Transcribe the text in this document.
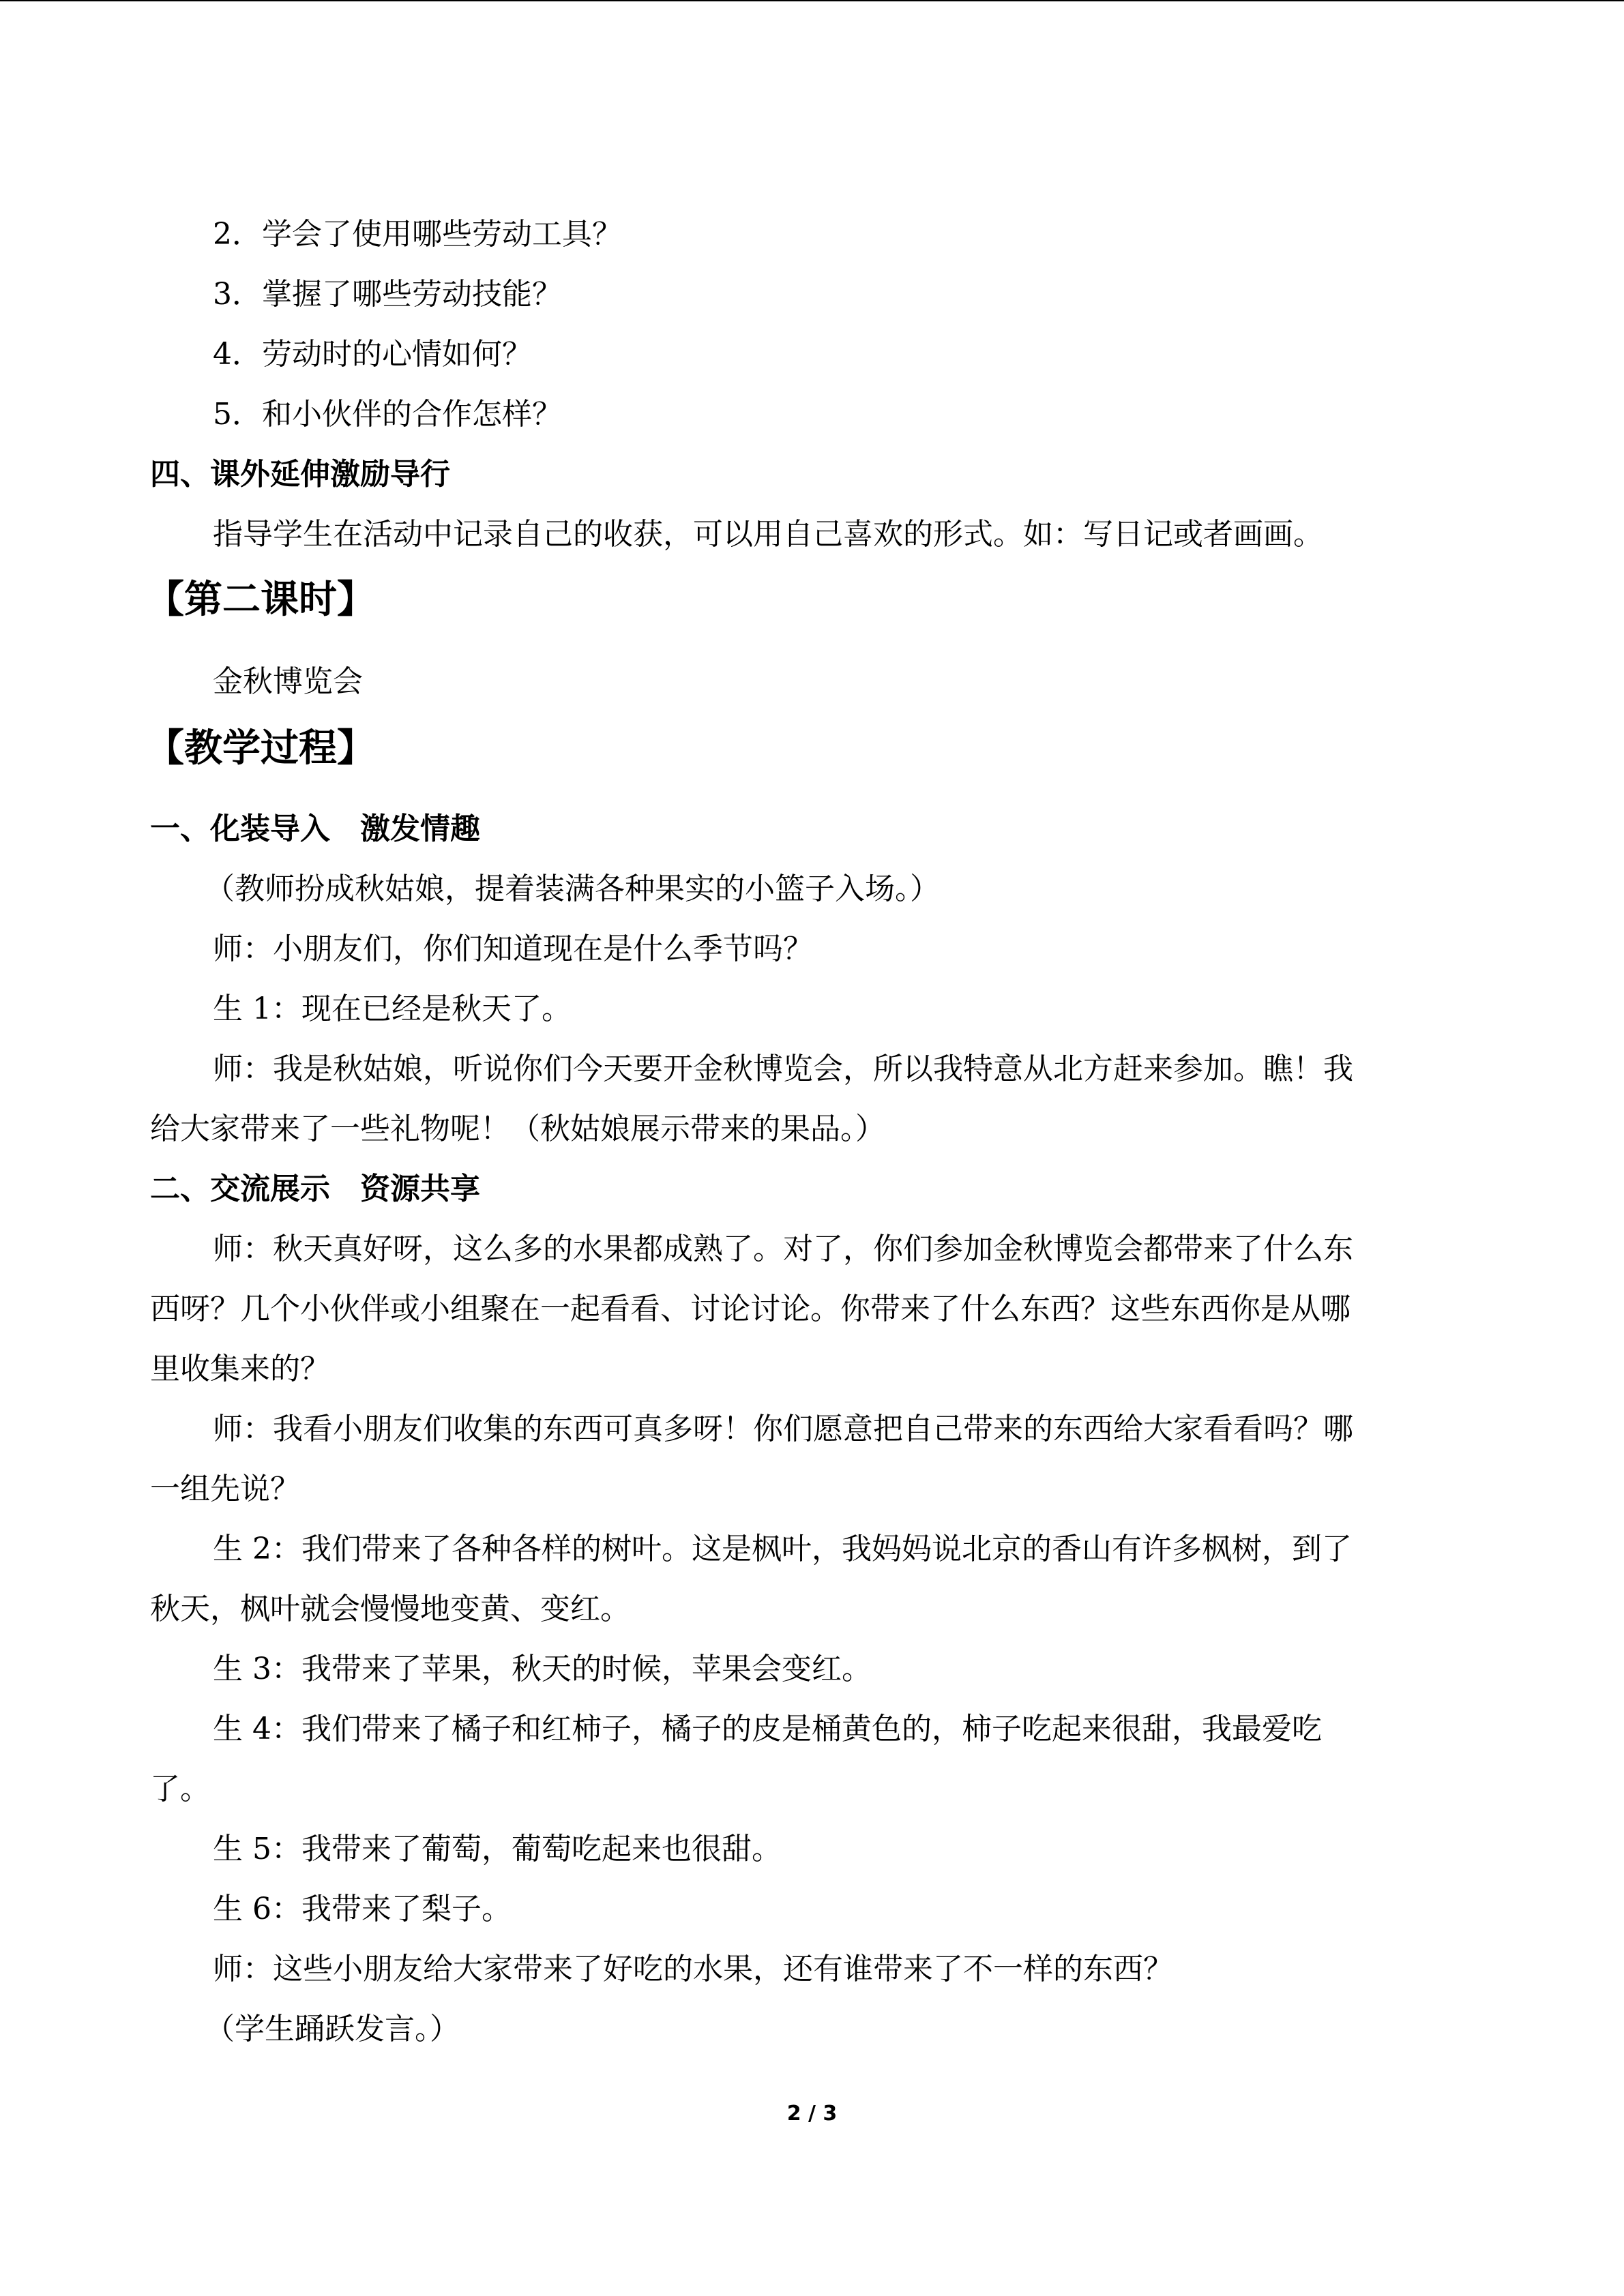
2．学会了使用哪些劳动工具？
3．掌握了哪些劳动技能？
4．劳动时的心情如何？
5．和小伙伴的合作怎样？
四、课外延伸激励导行
指导学生在活动中记录自己的收获，可以用自己喜欢的形式。如：写日记或者画画。
【第二课时】
金秋博览会
【教学过程】
一、化装导入　激发情趣
（教师扮成秋姑娘，提着装满各种果实的小篮子入场。）
师：小朋友们，你们知道现在是什么季节吗？
生 1：现在已经是秋天了。
师：我是秋姑娘，听说你们今天要开金秋博览会，所以我特意从北方赶来参加。瞧！我
给大家带来了一些礼物呢！（秋姑娘展示带来的果品。）
二、交流展示　资源共享
师：秋天真好呀，这么多的水果都成熟了。对了，你们参加金秋博览会都带来了什么东
西呀？几个小伙伴或小组聚在一起看看、讨论讨论。你带来了什么东西？这些东西你是从哪
里收集来的？
师：我看小朋友们收集的东西可真多呀！你们愿意把自己带来的东西给大家看看吗？哪
一组先说？
生 2：我们带来了各种各样的树叶。这是枫叶，我妈妈说北京的香山有许多枫树，到了
秋天，枫叶就会慢慢地变黄、变红。
生 3：我带来了苹果，秋天的时候，苹果会变红。
生 4：我们带来了橘子和红柿子，橘子的皮是桶黄色的，柿子吃起来很甜，我最爱吃
了。
生 5：我带来了葡萄，葡萄吃起来也很甜。
生 6：我带来了梨子。
师：这些小朋友给大家带来了好吃的水果，还有谁带来了不一样的东西？
（学生踊跃发言。）
2 / 3
